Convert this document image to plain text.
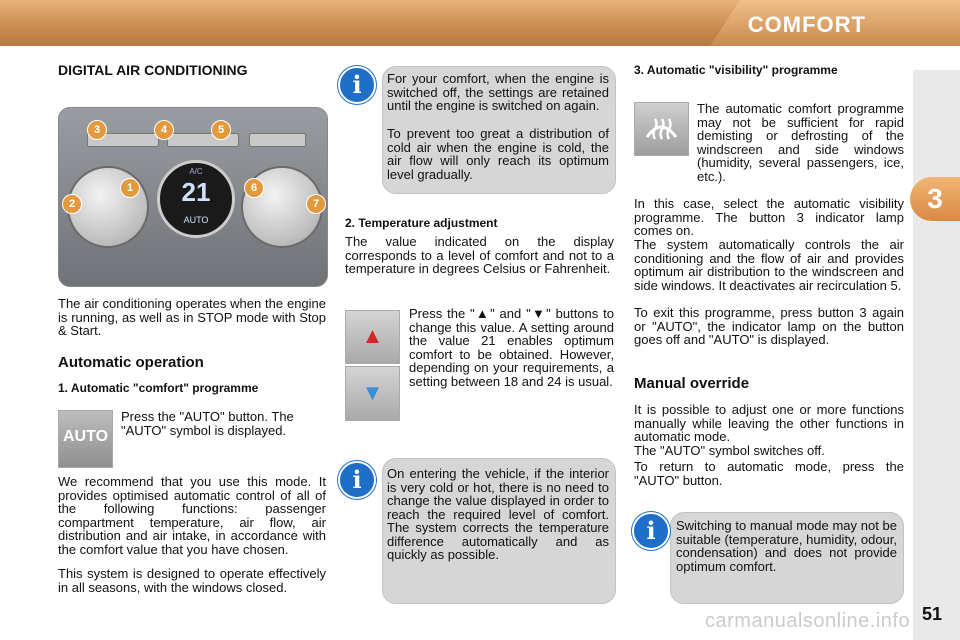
COMFORT
3
51
carmanualsonline.info
DIGITAL AIR CONDITIONING
A/C
21
AUTO
3	4	5
1
2
6
7

The air conditioning operates when the engine is running, as well as in STOP mode with Stop & Start.

Automatic operation
1. Automatic "comfort" programme
AUTO

Press the "AUTO" button. The "AUTO" symbol is displayed.

We recommend that you use this mode. It provides optimised automatic control of all of the following functions: passenger compartment temperature, air flow, air distribution and air intake, in accordance with the comfort value that you have chosen.

This system is designed to operate effectively in all seasons, with the windows closed.

i	For your comfort, when the engine is switched off, the settings are retained until the engine is switched on again.

To prevent too great a distribution of cold air when the engine is cold, the air flow will only reach its optimum level gradually.

2. Temperature adjustment

The value indicated on the display corresponds to a level of comfort and not to a temperature in degrees Celsius or Fahrenheit.

▲
▼

Press the "▲" and "▼" buttons to change this value. A setting around the value 21 enables optimum comfort to be obtained. However, depending on your requirements, a setting between 18 and 24 is usual.

i	On entering the vehicle, if the interior is very cold or hot, there is no need to change the value displayed in order to reach the required level of comfort. The system corrects the temperature difference automatically and as quickly as possible.

3. Automatic "visibility" programme

The automatic comfort programme may not be sufficient for rapid demisting or defrosting of the windscreen and side windows (humidity, several passengers, ice, etc.).

In this case, select the automatic visibility programme. The button 3 indicator lamp comes on.

The system automatically controls the air conditioning and the flow of air and provides optimum air distribution to the windscreen and side windows. It deactivates air recirculation 5.

To exit this programme, press button 3 again or "AUTO", the indicator lamp on the button goes off and "AUTO" is displayed.

Manual override

It is possible to adjust one or more functions manually while leaving the other functions in automatic mode.

The "AUTO" symbol switches off.

To return to automatic mode, press the "AUTO" button.

i	Switching to manual mode may not be suitable (temperature, humidity, odour, condensation) and does not provide optimum comfort.
